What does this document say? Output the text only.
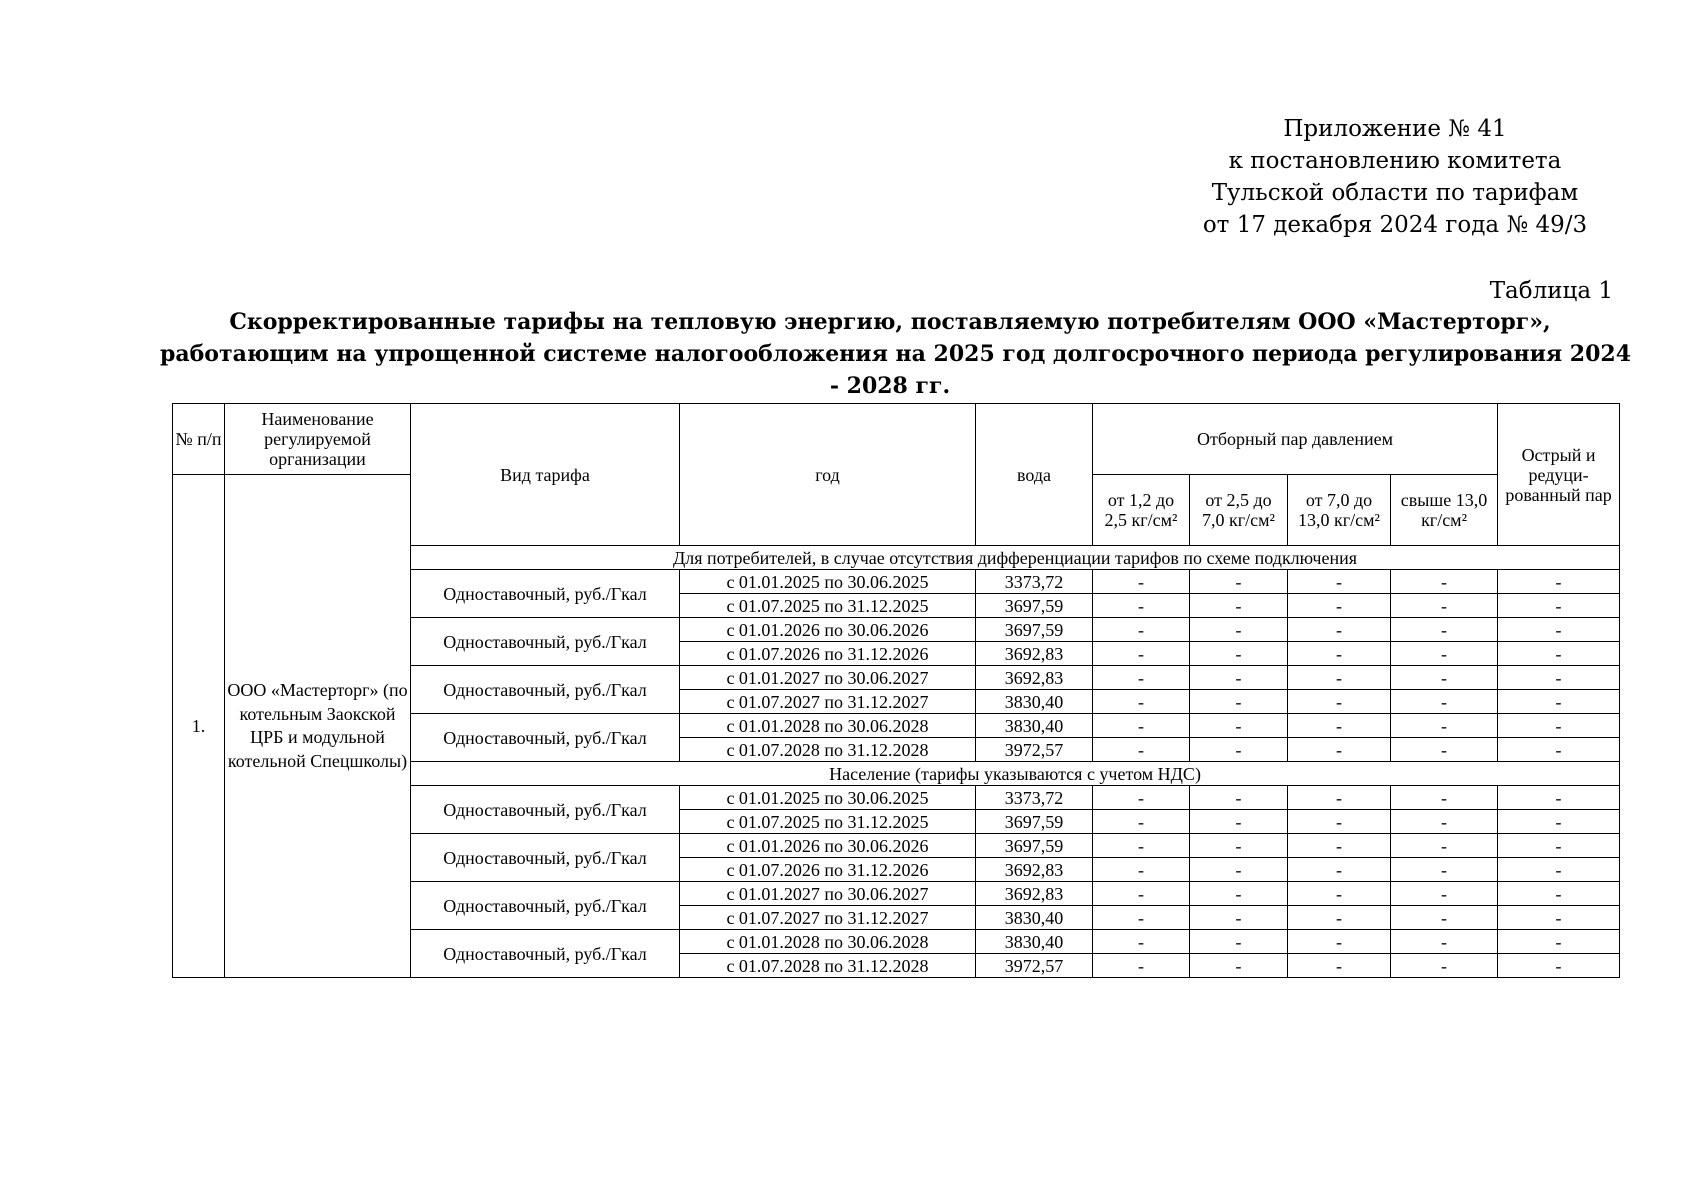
Приложение № 41
к постановлению комитета
Тульской области по тарифам
от 17 декабря 2024 года № 49/3
Таблица 1
Скорректированные тарифы на тепловую энергию, поставляемую потребителям ООО «Мастерторг»,
работающим на упрощенной системе налогообложения на 2025 год долгосрочного периода регулирования 2024
- 2028 гг.
№ п/п	Наименование регулируемой организации	Вид тарифа	год	вода	Отборный пар давлением				Острый и редуци-рованный пар
1.	ООО «Мастерторг» (по котельным Заокской ЦРБ и модульной котельной Спецшколы)				от 1,2 до 2,5 кг/см²	от 2,5 до 7,0 кг/см²	от 7,0 до 13,0 кг/см²	свыше 13,0 кг/см²	
		Для потребителей, в случае отсутствия дифференциации тарифов по схеме подключения							
		Одноставочный, руб./Гкал	с 01.01.2025 по 30.06.2025	3373,72	-	-	-	-	-
			с 01.07.2025 по 31.12.2025	3697,59	-	-	-	-	-
		Одноставочный, руб./Гкал	с 01.01.2026 по 30.06.2026	3697,59	-	-	-	-	-
			с 01.07.2026 по 31.12.2026	3692,83	-	-	-	-	-
		Одноставочный, руб./Гкал	с 01.01.2027 по 30.06.2027	3692,83	-	-	-	-	-
			с 01.07.2027 по 31.12.2027	3830,40	-	-	-	-	-
		Одноставочный, руб./Гкал	с 01.01.2028 по 30.06.2028	3830,40	-	-	-	-	-
			с 01.07.2028 по 31.12.2028	3972,57	-	-	-	-	-
		Население (тарифы указываются с учетом НДС)							
		Одноставочный, руб./Гкал	с 01.01.2025 по 30.06.2025	3373,72	-	-	-	-	-
			с 01.07.2025 по 31.12.2025	3697,59	-	-	-	-	-
		Одноставочный, руб./Гкал	с 01.01.2026 по 30.06.2026	3697,59	-	-	-	-	-
			с 01.07.2026 по 31.12.2026	3692,83	-	-	-	-	-
		Одноставочный, руб./Гкал	с 01.01.2027 по 30.06.2027	3692,83	-	-	-	-	-
			с 01.07.2027 по 31.12.2027	3830,40	-	-	-	-	-
		Одноставочный, руб./Гкал	с 01.01.2028 по 30.06.2028	3830,40	-	-	-	-	-
			с 01.07.2028 по 31.12.2028	3972,57	-	-	-	-	-
